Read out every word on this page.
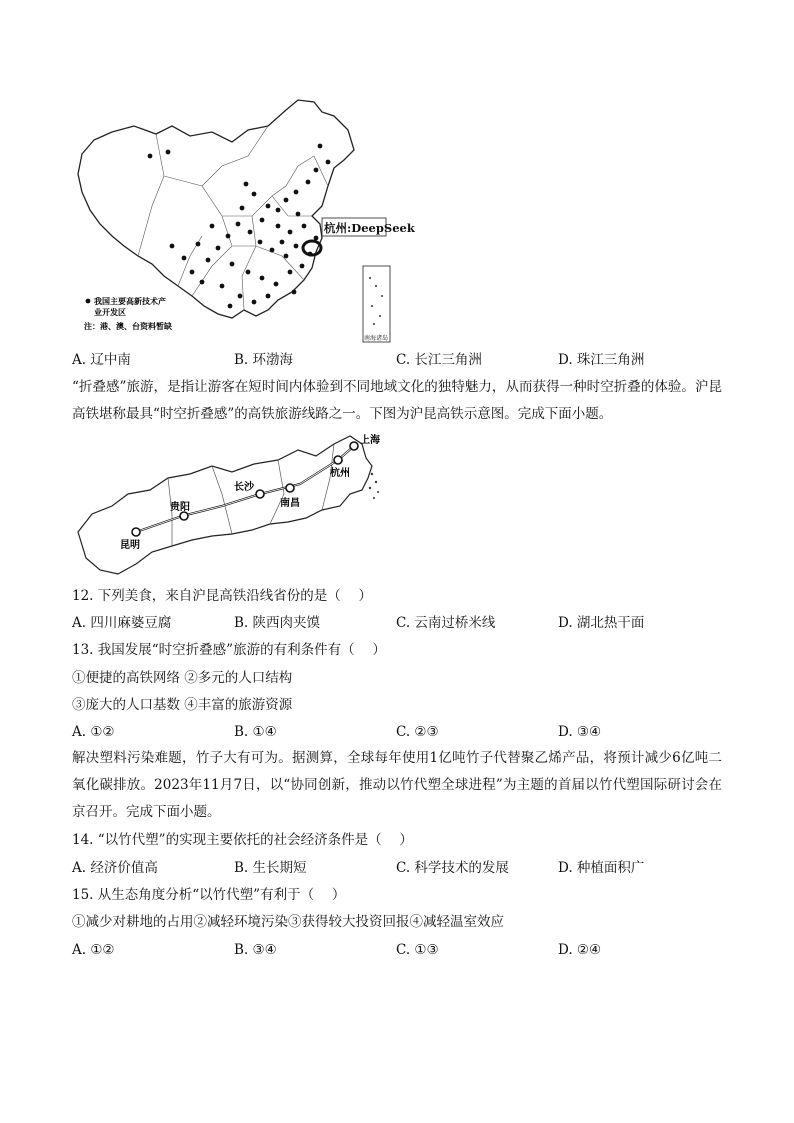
杭州:DeepSeek
南海诸岛
我国主要高新技术产
业开发区
注：港、澳、台资料暂缺
A. 辽中南	B. 环渤海	C. 长江三角洲	D. 珠江三角洲
“折叠感”旅游，是指让游客在短时间内体验到不同地域文化的独特魅力，从而获得一种时空折叠的体验。沪昆高铁堪称最具“时空折叠感”的高铁旅游线路之一。下图为沪昆高铁示意图。完成下面小题。
上海
杭州
南昌
长沙
贵阳
昆明
12. 下列美食，来自沪昆高铁沿线省份的是（　 ）
A. 四川麻婆豆腐	B. 陕西肉夹馍	C. 云南过桥米线	D. 湖北热干面
13. 我国发展“时空折叠感”旅游的有利条件有（　 ）
①便捷的高铁网络 ②多元的人口结构
③庞大的人口基数 ④丰富的旅游资源
A. ①②	B. ①④	C. ②③	D. ③④
解决塑料污染难题，竹子大有可为。据测算，全球每年使用1亿吨竹子代替聚乙烯产品，将预计减少6亿吨二氧化碳排放。2023年11月7日，以“协同创新，推动以竹代塑全球进程”为主题的首届以竹代塑国际研讨会在京召开。完成下面小题。
14. “以竹代塑”的实现主要依托的社会经济条件是（　 ）
A. 经济价值高	B. 生长期短	C. 科学技术的发展	D. 种植面积广
15. 从生态角度分析“以竹代塑”有利于（　 ）
①减少对耕地的占用②减轻环境污染③获得较大投资回报④减轻温室效应
A. ①②	B. ③④	C. ①③	D. ②④
